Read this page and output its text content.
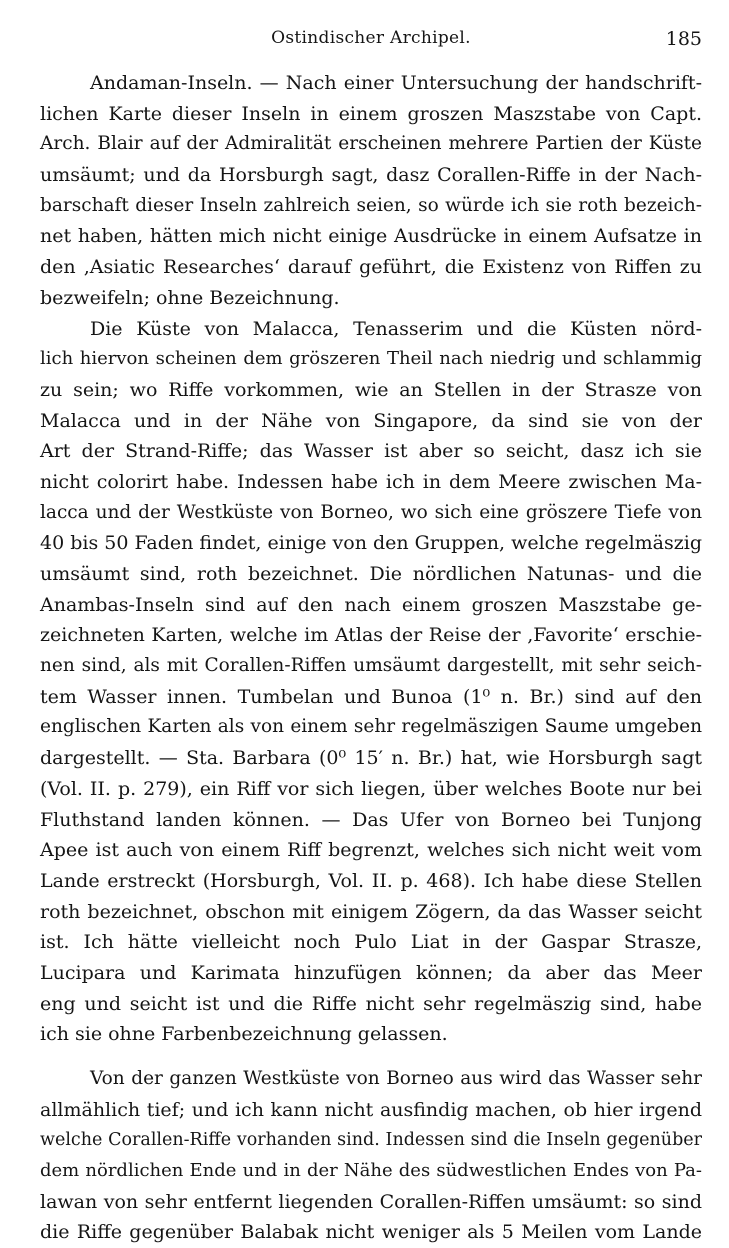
Ostindischer Archipel.	185
Andaman-Inseln. — Nach einer Untersuchung der handschrift-
lichen Karte dieser Inseln in einem groszen Maszstabe von Capt.
Arch. Blair auf der Admiralität erscheinen mehrere Partien der Küste
umsäumt; und da Horsburgh sagt, dasz Corallen-Riffe in der Nach-
barschaft dieser Inseln zahlreich seien, so würde ich sie roth bezeich-
net haben, hätten mich nicht einige Ausdrücke in einem Aufsatze in
den ‚Asiatic Researches‘ darauf geführt, die Existenz von Riffen zu
bezweifeln; ohne Bezeichnung.
Die Küste von Malacca, Tenasserim und die Küsten nörd-
lich hiervon scheinen dem gröszeren Theil nach niedrig und schlammig
zu sein; wo Riffe vorkommen, wie an Stellen in der Strasze von
Malacca und in der Nähe von Singapore, da sind sie von der
Art der Strand-Riffe; das Wasser ist aber so seicht, dasz ich sie
nicht colorirt habe. Indessen habe ich in dem Meere zwischen Ma-
lacca und der Westküste von Borneo, wo sich eine gröszere Tiefe von
40 bis 50 Faden findet, einige von den Gruppen, welche regelmäszig
umsäumt sind, roth bezeichnet. Die nördlichen Natunas- und die
Anambas-Inseln sind auf den nach einem groszen Maszstabe ge-
zeichneten Karten, welche im Atlas der Reise der ‚Favorite‘ erschie-
nen sind, als mit Corallen-Riffen umsäumt dargestellt, mit sehr seich-
tem Wasser innen. Tumbelan und Bunoa (1⁰ n. Br.) sind auf den
englischen Karten als von einem sehr regelmäszigen Saume umgeben
dargestellt. — Sta. Barbara (0⁰ 15′ n. Br.) hat, wie Horsburgh sagt
(Vol. II. p. 279), ein Riff vor sich liegen, über welches Boote nur bei
Fluthstand landen können. — Das Ufer von Borneo bei Tunjong
Apee ist auch von einem Riff begrenzt, welches sich nicht weit vom
Lande erstreckt (Horsburgh, Vol. II. p. 468). Ich habe diese Stellen
roth bezeichnet, obschon mit einigem Zögern, da das Wasser seicht
ist. Ich hätte vielleicht noch Pulo Liat in der Gaspar Strasze,
Lucipara und Karimata hinzufügen können; da aber das Meer
eng und seicht ist und die Riffe nicht sehr regelmäszig sind, habe
ich sie ohne Farbenbezeichnung gelassen.
Von der ganzen Westküste von Borneo aus wird das Wasser sehr
allmählich tief; und ich kann nicht ausfindig machen, ob hier irgend
welche Corallen-Riffe vorhanden sind. Indessen sind die Inseln gegenüber
dem nördlichen Ende und in der Nähe des südwestlichen Endes von Pa-
lawan von sehr entfernt liegenden Corallen-Riffen umsäumt: so sind
die Riffe gegenüber Balabak nicht weniger als 5 Meilen vom Lande
